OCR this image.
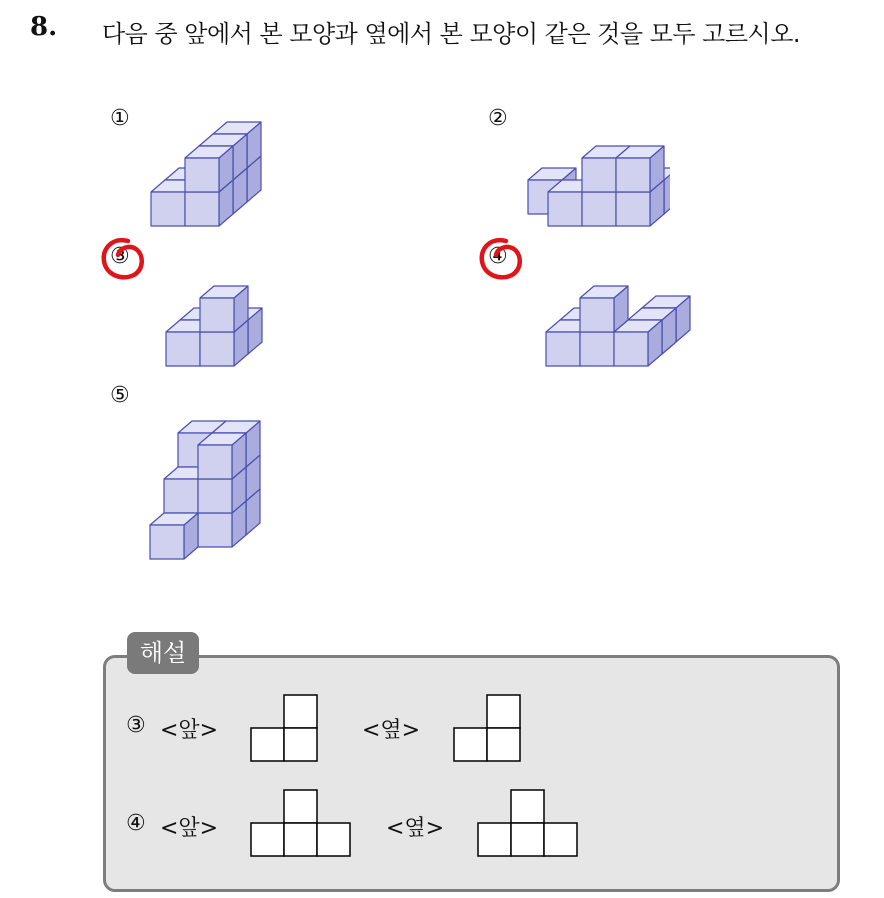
8. 다음 중 앞에서 본 모양과 옆에서 본 모양이 같은 것을 모두 고르시오.
①	②
③	④
⑤
해설
③ <앞>	<옆>
④ <앞>	<옆>
